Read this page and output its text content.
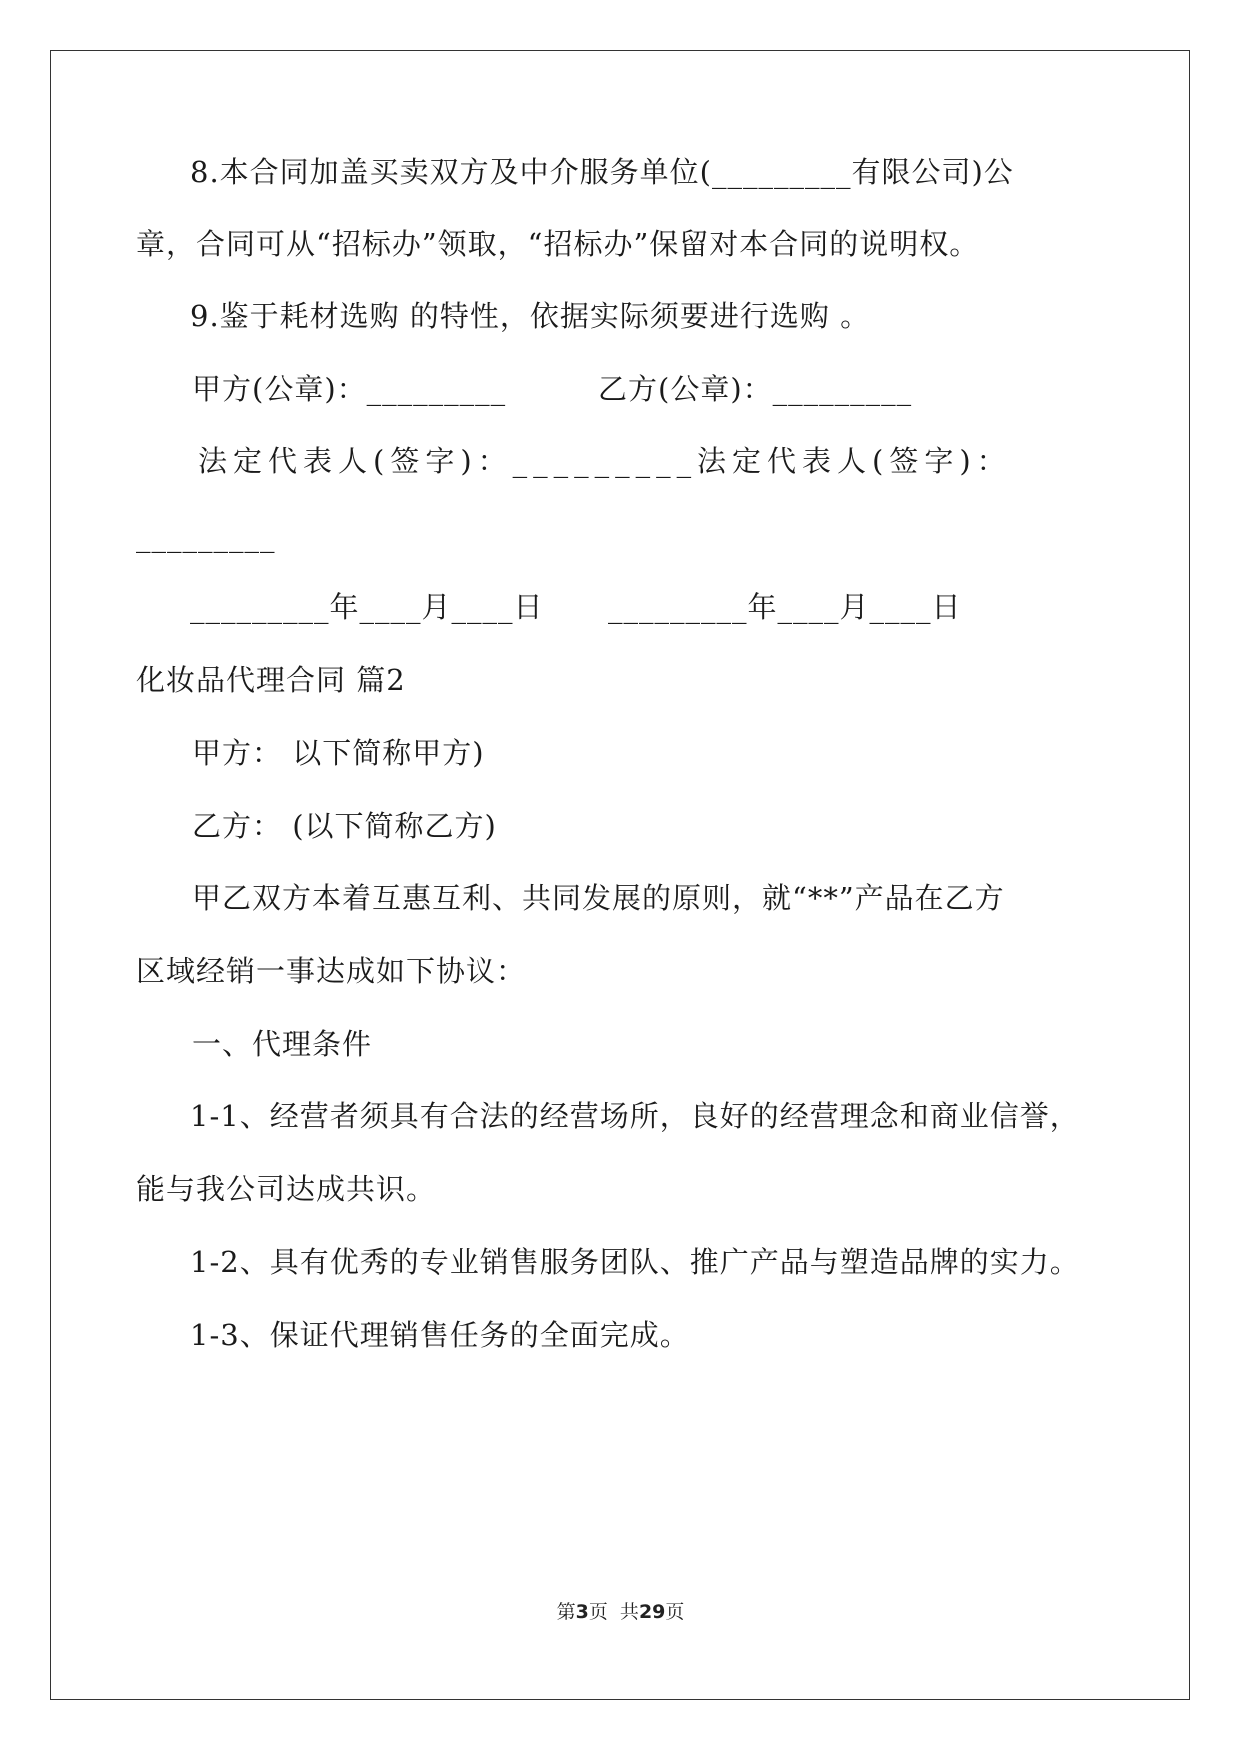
8.本合同加盖买卖双方及中介服务单位(_________有限公司)公
章，合同可从“招标办”领取，“招标办”保留对本合同的说明权。
9.鉴于耗材选购 的特性，依据实际须要进行选购 。
甲方(公章)：_________	乙方(公章)：_________
法定代表人(签字)：_________ 法定代表人(签字)：
_________
_________年____月____日 _________年____月____日
化妆品代理合同 篇2
甲方： 以下简称甲方)
乙方： (以下简称乙方)
甲乙双方本着互惠互利、共同发展的原则，就“**”产品在乙方
区域经销一事达成如下协议：
一、代理条件
1-1、经营者须具有合法的经营场所，良好的经营理念和商业信誉，
能与我公司达成共识。
1-2、具有优秀的专业销售服务团队、推广产品与塑造品牌的实力。
1-3、保证代理销售任务的全面完成。
第3页  共29页
